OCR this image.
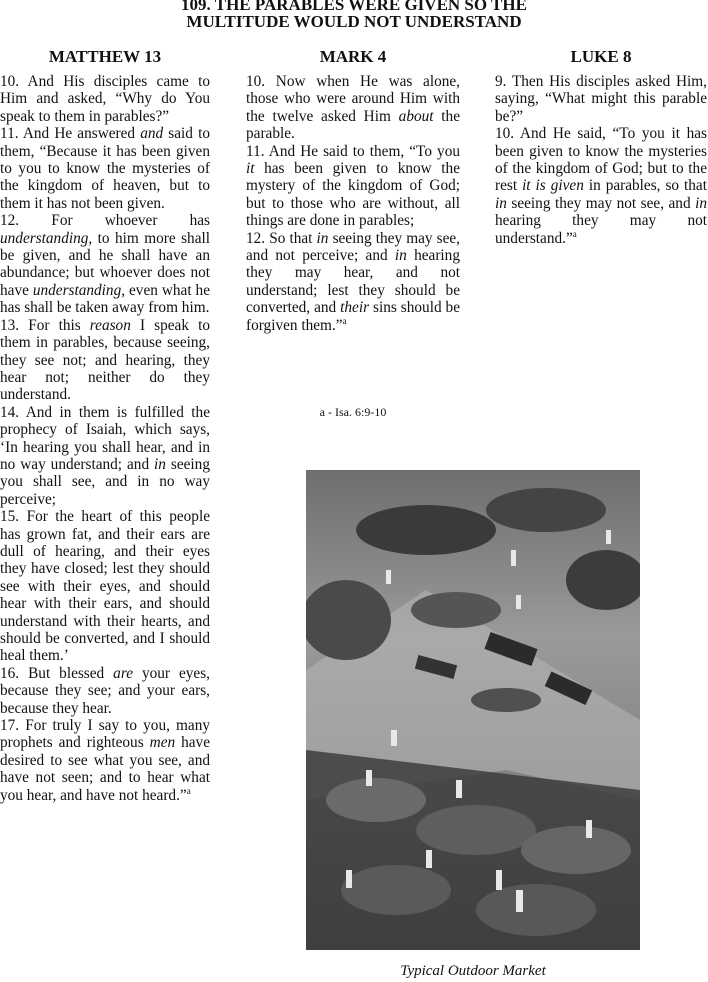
109. THE PARABLES WERE GIVEN SO THE
MULTITUDE WOULD NOT UNDERSTAND
MATTHEW 13	MARK 4	LUKE 8

10. And His disciples came to Him and asked, “Why do You speak to them in parables?”

11. And He answered and said to them, “Because it has been given to you to know the mysteries of the kingdom of heaven, but to them it has not been given.

12. For whoever has understanding, to him more shall be given, and he shall have an abundance; but whoever does not have understanding, even what he has shall be taken away from him.

13. For this reason I speak to them in parables, because seeing, they see not; and hearing, they hear not; neither do they understand.

14. And in them is fulfilled the prophecy of Isaiah, which says, ‘In hearing you shall hear, and in no way understand; and in seeing you shall see, and in no way perceive;

15. For the heart of this people has grown fat, and their ears are dull of hearing, and their eyes they have closed; lest they should see with their eyes, and should hear with their ears, and should understand with their hearts, and should be converted, and I should heal them.’

16. But blessed are your eyes, because they see; and your ears, because they hear.

17. For truly I say to you, many prophets and righteous men have desired to see what you see, and have not seen; and to hear what you hear, and have not heard.”$^a$

10. Now when He was alone, those who were around Him with the twelve asked Him about the parable.

11. And He said to them, “To you it has been given to know the mystery of the kingdom of God; but to those who are without, all things are done in parables;

12. So that in seeing they may see, and not perceive; and in hearing they may hear, and not understand; lest they should be converted, and their sins should be forgiven them.”$^a$

a - Isa. 6:9-10

9. Then His disciples asked Him, saying, “What might this parable be?”

10. And He said, “To you it has been given to know the mysteries of the kingdom of God; but to the rest it is given in parables, so that in seeing they may not see, and in hearing they may not understand.”$^a$

Typical Outdoor Market
